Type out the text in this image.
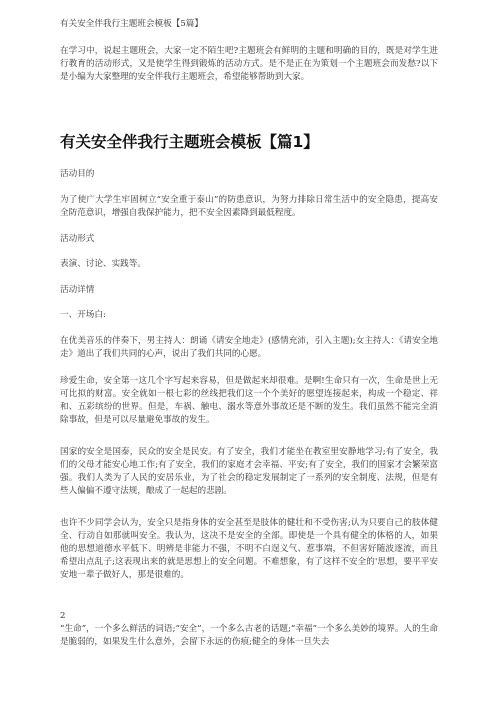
有关安全伴我行主题班会模板【5篇】

在学习中，说起主题班会，大家一定不陌生吧?主题班会有鲜明的主题和明确的目的，既是对学生进行教育的活动形式，又是使学生得到锻炼的活动方式。是不是正在为策划一个主题班会而发愁?以下是小编为大家整理的安全伴我行主题班会，希望能够帮助到大家。

有关安全伴我行主题班会模板【篇1】

活动目的

为了使广大学生牢固树立“安全重于泰山”的防患意识，为努力排除日常生活中的安全隐患，提高安全防范意识，增强自我保护能力，把不安全因素降到最低程度。

活动形式

表演、讨论、实践等。

活动详情

一、开场白:

在优美音乐的伴奏下，男主持人：朗诵《请安全地走》(感情充沛，引入主题);女主持人：《请安全地走》道出了我们共同的心声，说出了我们共同的心愿。

珍爱生命，安全第一这几个字写起来容易，但是做起来却很难。是啊!生命只有一次，生命是世上无可比拟的财富。安全就如一根七彩的丝线把我们这一个个美好的愿望连接起来，构成一个稳定、祥和、五彩缤纷的世界。但是，车祸、触电、溺水等意外事故还是不断的发生。我们虽然不能完全消除事故，但是可以尽量避免事故的发生。

国家的安全是国泰，民众的安全是民安。有了安全，我们才能坐在教室里安静地学习;有了安全，我们的父母才能安心地工作;有了安全，我们的家庭才会幸福、平安;有了安全，我们的国家才会繁荣富强。我们人类为了人民的安居乐业，为了社会的稳定发展制定了一系列的安全制度、法规，但是有些人偏偏不遵守法规，酿成了一起起的悲剧。

也许不少同学会认为，安全只是指身体的安全甚至是肢体的健壮和不受伤害;认为只要自己的肢体健全、行动自如那就叫安全。我认为，这决不是安全的全部。即使是一个具有健全的体格的人，如果他的思想道德水平低下、明辨是非能力不强，不明不白逞义气、惹事端，不但害好随波逐流，而且希望出点乱子;这表现出来的就是思想上的安全问题。不难想象，有了这样不安全的'思想，要平平安安地一辈子做好人，那是很难的。

2

“生命”，一个多么鲜活的词语;“安全”，一个多么古老的话题;“幸福”一个多么美妙的境界。人的生命是脆弱的，如果发生什么意外，会留下永远的伤痕;健全的身体一旦失去
